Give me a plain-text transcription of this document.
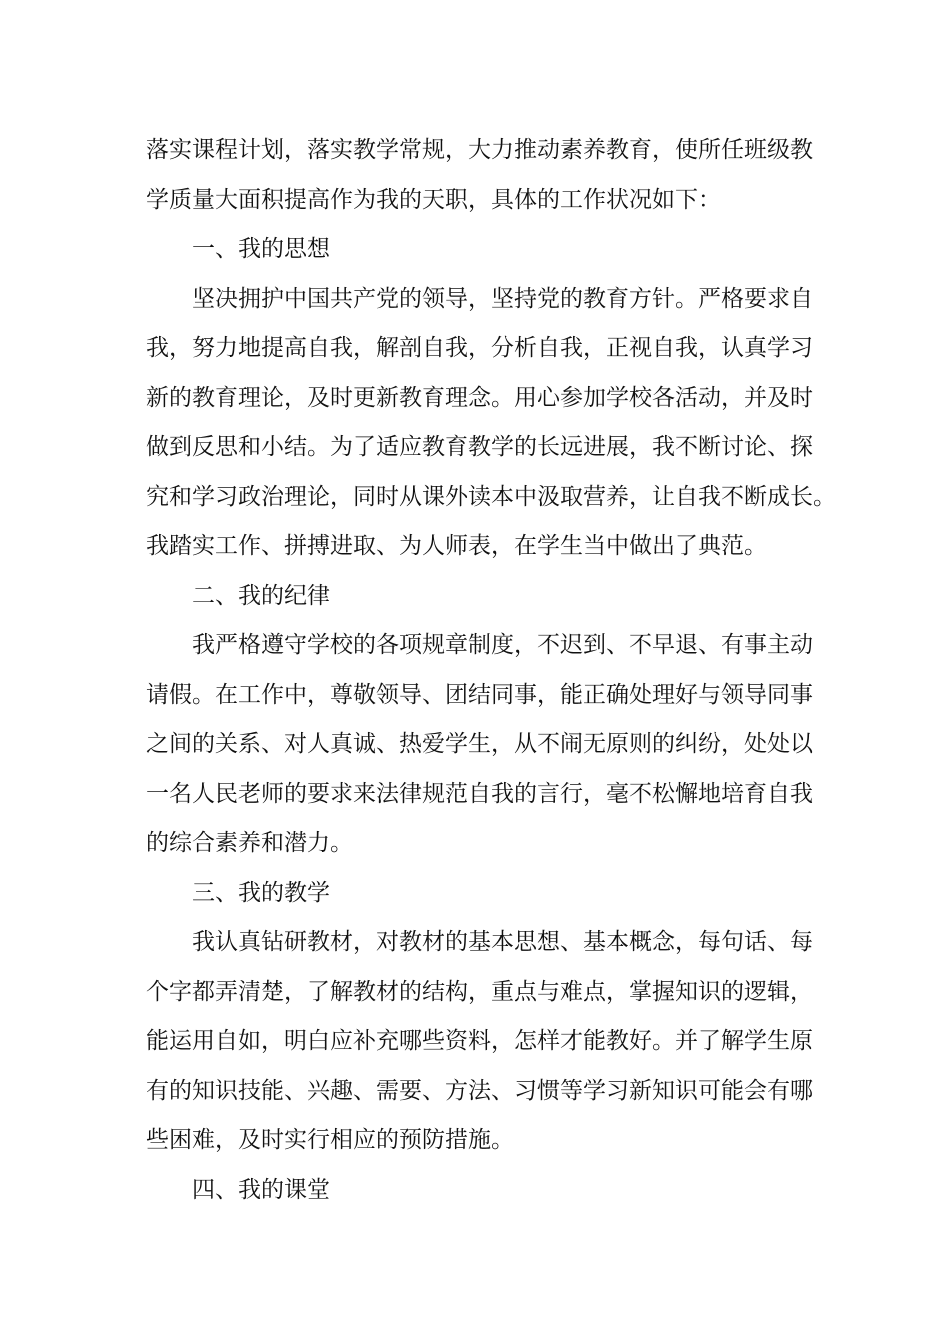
落实课程计划，落实教学常规，大力推动素养教育，使所任班级教

学质量大面积提高作为我的天职，具体的工作状况如下：

一、我的思想

坚决拥护中国共产党的领导，坚持党的教育方针。严格要求自

我，努力地提高自我，解剖自我，分析自我，正视自我，认真学习

新的教育理论，及时更新教育理念。用心参加学校各活动，并及时

做到反思和小结。为了适应教育教学的长远进展，我不断讨论、探

究和学习政治理论，同时从课外读本中汲取营养，让自我不断成长。

我踏实工作、拼搏进取、为人师表，在学生当中做出了典范。

二、我的纪律

我严格遵守学校的各项规章制度，不迟到、不早退、有事主动

请假。在工作中，尊敬领导、团结同事，能正确处理好与领导同事

之间的关系、对人真诚、热爱学生，从不闹无原则的纠纷，处处以

一名人民老师的要求来法律规范自我的言行，毫不松懈地培育自我

的综合素养和潜力。

三、我的教学

我认真钻研教材，对教材的基本思想、基本概念，每句话、每

个字都弄清楚，了解教材的结构，重点与难点，掌握知识的逻辑，

能运用自如，明白应补充哪些资料，怎样才能教好。并了解学生原

有的知识技能、兴趣、需要、方法、习惯等学习新知识可能会有哪

些困难，及时实行相应的预防措施。

四、我的课堂
